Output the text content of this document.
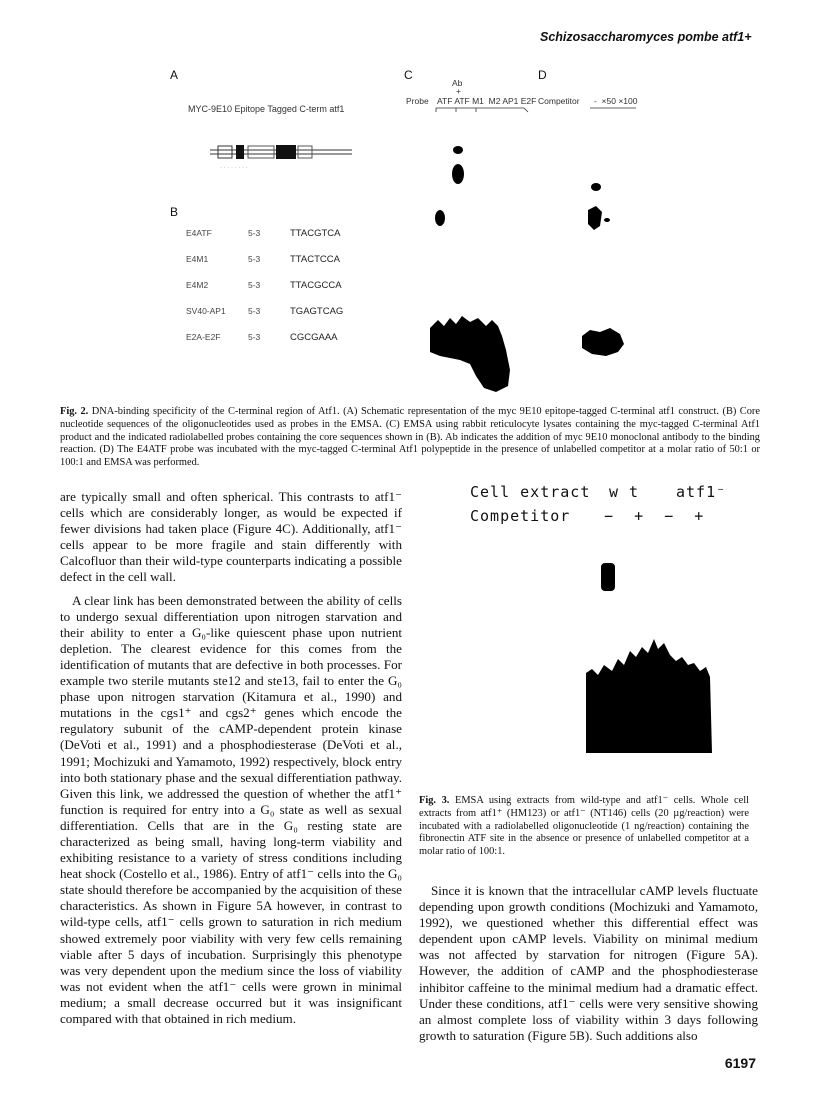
Schizosaccharomyces pombe atf1+
A
MYC-9E10 Epitope Tagged C-term atf1
· · · · · · · ·
B
E4ATF	5-3	TTACGTCA
E4M1	5-3	TTACTCCA
E4M2	5-3	TTACGCCA
SV40-AP1	5-3	TGAGTCAG
E2A-E2F	5-3	CGCGAAA
C
Ab
+
Probe ATF ATF M1  M2 AP1 E2F
D
Competitor -  ×50 ×100
Fig. 2. DNA-binding specificity of the C-terminal region of Atf1. (A) Schematic representation of the myc 9E10 epitope-tagged C-terminal atf1 construct. (B) Core nucleotide sequences of the oligonucleotides used as probes in the EMSA. (C) EMSA using rabbit reticulocyte lysates containing the myc-tagged C-terminal Atf1 product and the indicated radiolabelled probes containing the core sequences shown in (B). Ab indicates the addition of myc 9E10 monoclonal antibody to the binding reaction. (D) The E4ATF probe was incubated with the myc-tagged C-terminal Atf1 polypeptide in the presence of unlabelled competitor at a molar ratio of 50:1 or 100:1 and EMSA was performed.

are typically small and often spherical. This contrasts to atf1⁻ cells which are considerably longer, as would be expected if fewer divisions had taken place (Figure 4C). Additionally, atf1⁻ cells appear to be more fragile and stain differently with Calcofluor than their wild-type counterparts indicating a possible defect in the cell wall.

A clear link has been demonstrated between the ability of cells to undergo sexual differentiation upon nitrogen starvation and their ability to enter a G₀-like quiescent phase upon nutrient depletion. The clearest evidence for this comes from the identification of mutants that are defective in both processes. For example two sterile mutants ste12 and ste13, fail to enter the G₀ phase upon nitrogen starvation (Kitamura et al., 1990) and mutations in the cgs1⁺ and cgs2⁺ genes which encode the regulatory subunit of the cAMP-dependent protein kinase (DeVoti et al., 1991) and a phosphodiesterase (DeVoti et al., 1991; Mochizuki and Yamamoto, 1992) respectively, block entry into both stationary phase and the sexual differentiation pathway. Given this link, we addressed the question of whether the atf1⁺ function is required for entry into a G₀ state as well as sexual differentiation. Cells that are in the G₀ resting state are characterized as being small, having long-term viability and exhibiting resistance to a variety of stress conditions including heat shock (Costello et al., 1986). Entry of atf1⁻ cells into the G₀ state should therefore be accompanied by the acquisition of these characteristics. As shown in Figure 5A however, in contrast to wild-type cells, atf1⁻ cells grown to saturation in rich medium showed extremely poor viability with very few cells remaining viable after 5 days of incubation. Surprisingly this phenotype was very dependent upon the medium since the loss of viability was not evident when the atf1⁻ cells were grown in minimal medium; a small decrease occurred but it was insignificant compared with that obtained in rich medium.

Cell extract w t atf1⁻
Competitor −  +  −  +
Fig. 3. EMSA using extracts from wild-type and atf1⁻ cells. Whole cell extracts from atf1⁺ (HM123) or atf1⁻ (NT146) cells (20 µg/reaction) were incubated with a radiolabelled oligonucleotide (1 ng/reaction) containing the fibronectin ATF site in the absence or presence of unlabelled competitor at a molar ratio of 100:1.

Since it is known that the intracellular cAMP levels fluctuate depending upon growth conditions (Mochizuki and Yamamoto, 1992), we questioned whether this differential effect was dependent upon cAMP levels. Viability on minimal medium was not affected by starvation for nitrogen (Figure 5A). However, the addition of cAMP and the phosphodiesterase inhibitor caffeine to the minimal medium had a dramatic effect. Under these conditions, atf1⁻ cells were very sensitive showing an almost complete loss of viability within 3 days following growth to saturation (Figure 5B). Such additions also

6197
